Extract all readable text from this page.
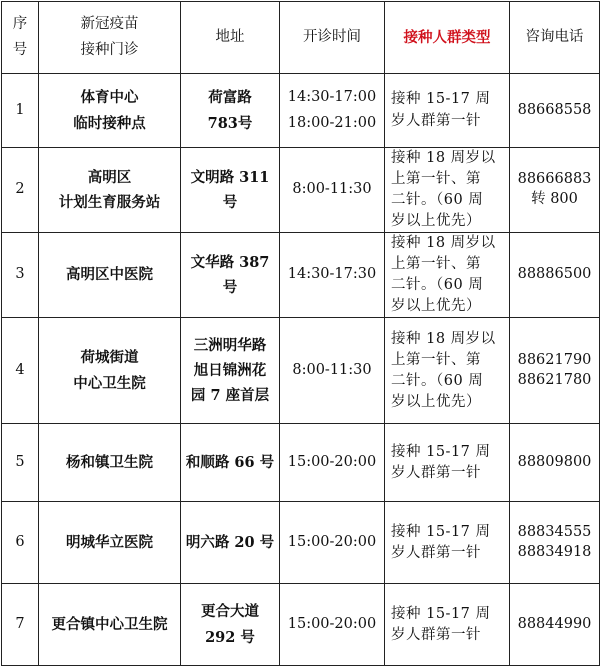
序
号	新冠疫苗
接种门诊	地址	开诊时间	接种人群类型	咨询电话

1	体育中心
临时接种点	荷富路
783号	14:30-17:00
18:00-21:00	接种 15-17 周
岁人群第一针	88668558

2	高明区
计划生育服务站	文明路 311 号	8:00-11:30	接种 18 周岁以
上第一针、第
二针。（60 周
岁以上优先）	88666883
转 800

3	高明区中医院	文华路 387 号	14:30-17:30	接种 18 周岁以
上第一针、第
二针。（60 周
岁以上优先）	88886500

4	荷城街道
中心卫生院	三洲明华路
旭日锦洲花
园 7 座首层	8:00-11:30	接种 18 周岁以
上第一针、第
二针。（60 周
岁以上优先）	88621790
88621780

5	杨和镇卫生院	和顺路 66 号	15:00-20:00	接种 15-17 周
岁人群第一针	88809800

6	明城华立医院	明六路 20 号	15:00-20:00	接种 15-17 周
岁人群第一针	88834555
88834918

7	更合镇中心卫生院	更合大道
292 号	15:00-20:00	接种 15-17 周
岁人群第一针	88844990
